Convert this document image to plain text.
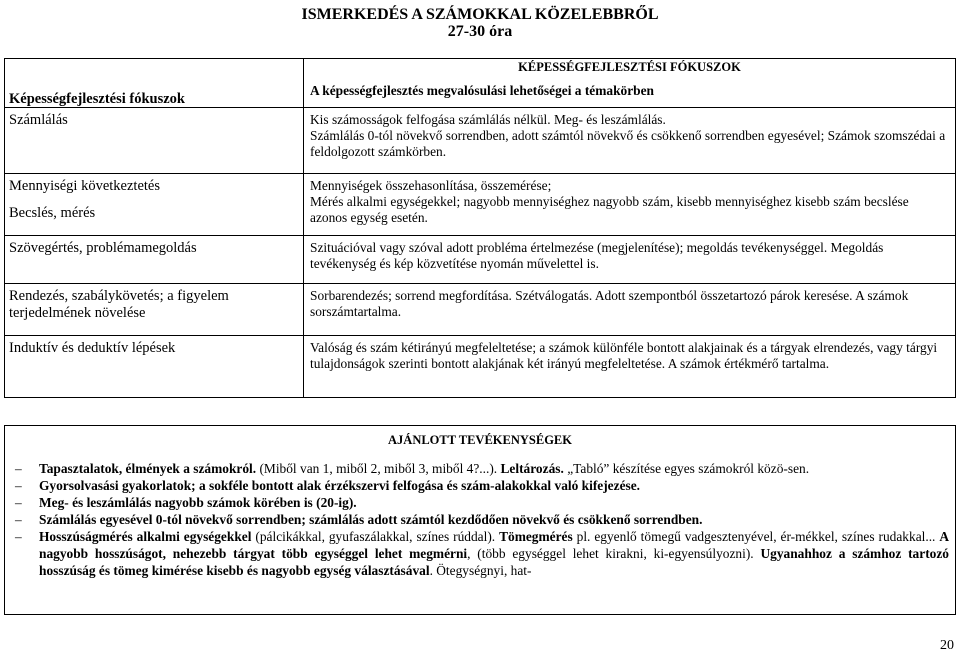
ISMERKEDÉS A SZÁMOKKAL KÖZELEBBRŐL
27-30 óra
Képességfejlesztési fókuszok	KÉPESSÉGFEJLESZTÉSI FÓKUSZOK
	A képességfejlesztés megvalósulási lehetőségei a témakörben

Számlálás	Kis számosságok felfogása számlálás nélkül. Meg- és leszámlálás.
Számlálás 0-tól növekvő sorrendben, adott számtól növekvő és csökkenő sorrendben egyesével; Számok szomszédai a feldolgozott számkörben.

Mennyiségi következtetés
Becslés, mérés	Mennyiségek összehasonlítása, összemérése;
Mérés alkalmi egységekkel; nagyobb mennyiséghez nagyobb szám, kisebb mennyiséghez kisebb szám becslése azonos egység esetén.

Szövegértés, problémamegoldás	Szituációval vagy szóval adott probléma értelmezése (megjelenítése); megoldás tevékenységgel. Megoldás tevékenység és kép közvetítése nyomán művelettel is.

Rendezés, szabálykövetés; a figyelem terjedelmének növelése	Sorbarendezés; sorrend megfordítása. Szétválogatás. Adott szempontból összetartozó párok keresése. A számok sorszámtartalma.

Induktív és deduktív lépések	Valóság és szám kétirányú megfeleltetése; a számok különféle bontott alakjainak és a tárgyak elrendezés, vagy tárgyi tulajdonságok szerinti bontott alakjának két irányú megfeleltetése. A számok értékmérő tartalma.
AJÁNLOTT TEVÉKENYSÉGEK

–	Tapasztalatok, élmények a számokról. (Miből van 1, miből 2, miből 3, miből 4?...). Leltározás. „Tabló” készítése egyes számokról közö-sen.
–	Gyorsolvasási gyakorlatok; a sokféle bontott alak érzékszervi felfogása és szám-alakokkal való kifejezése.
–	Meg- és leszámlálás nagyobb számok körében is (20-ig).
–	Számlálás egyesével 0-tól növekvő sorrendben; számlálás adott számtól kezdődően növekvő és csökkenő sorrendben.
–	Hosszúságmérés alkalmi egységekkel (pálcikákkal, gyufaszálakkal, színes rúddal). Tömegmérés pl. egyenlő tömegű vadgesztenyével, ér-mékkel, színes rudakkal... A nagyobb hosszúságot, nehezebb tárgyat több egységgel lehet megmérni, (több egységgel lehet kirakni, ki-egyensúlyozni). Ugyanahhoz a számhoz tartozó hosszúság és tömeg kimérése kisebb és nagyobb egység választásával. Ötegységnyi, hat-
20
